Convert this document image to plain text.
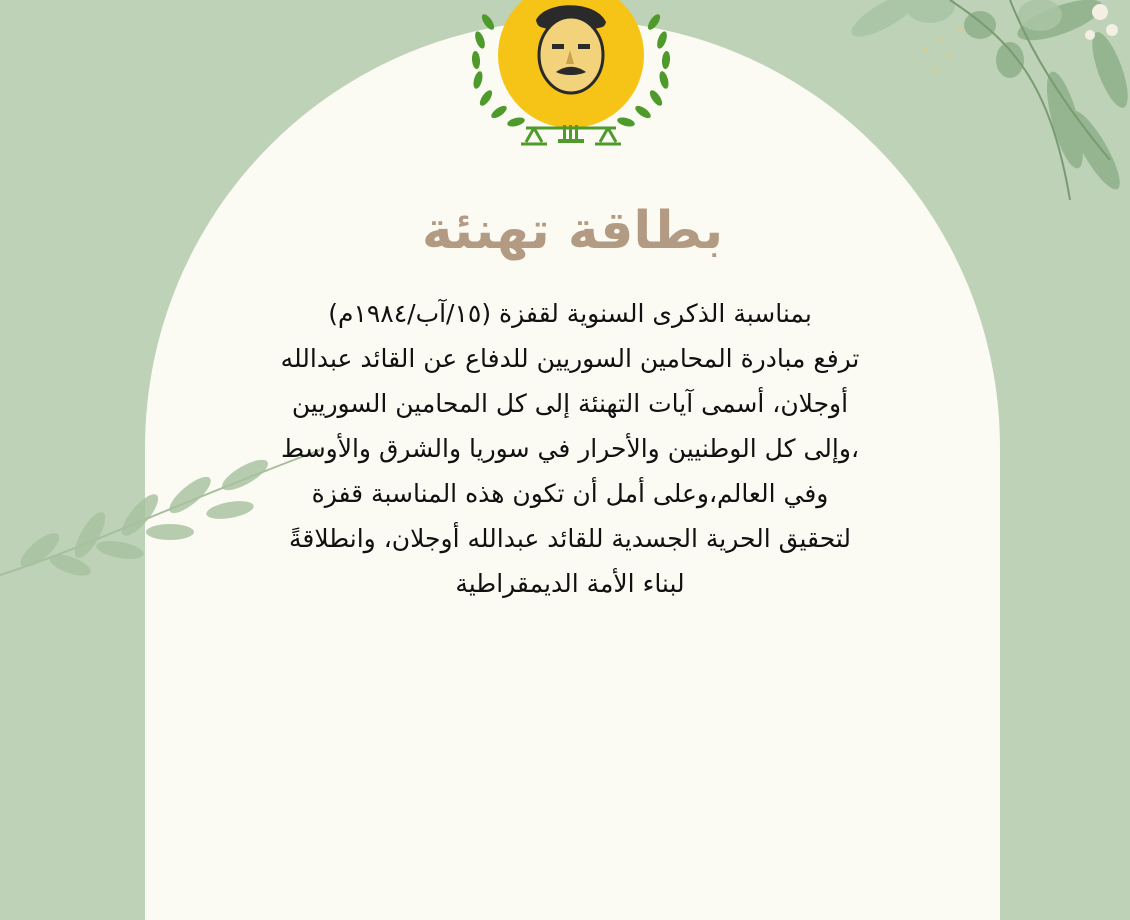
بطاقة تهنئة
بمناسبة الذكرى السنوية لقفزة (١٥/آب/١٩٨٤م)
ترفع مبادرة المحامين السوريين للدفاع عن القائد عبدالله
أوجلان، أسمى آيات التهنئة إلى كل المحامين السوريين
،وإلى كل الوطنيين والأحرار في سوريا والشرق والأوسط
وفي العالم،وعلى أمل أن تكون هذه المناسبة قفزة
لتحقيق الحرية الجسدية للقائد عبدالله أوجلان، وانطلاقةً
لبناء الأمة الديمقراطية
